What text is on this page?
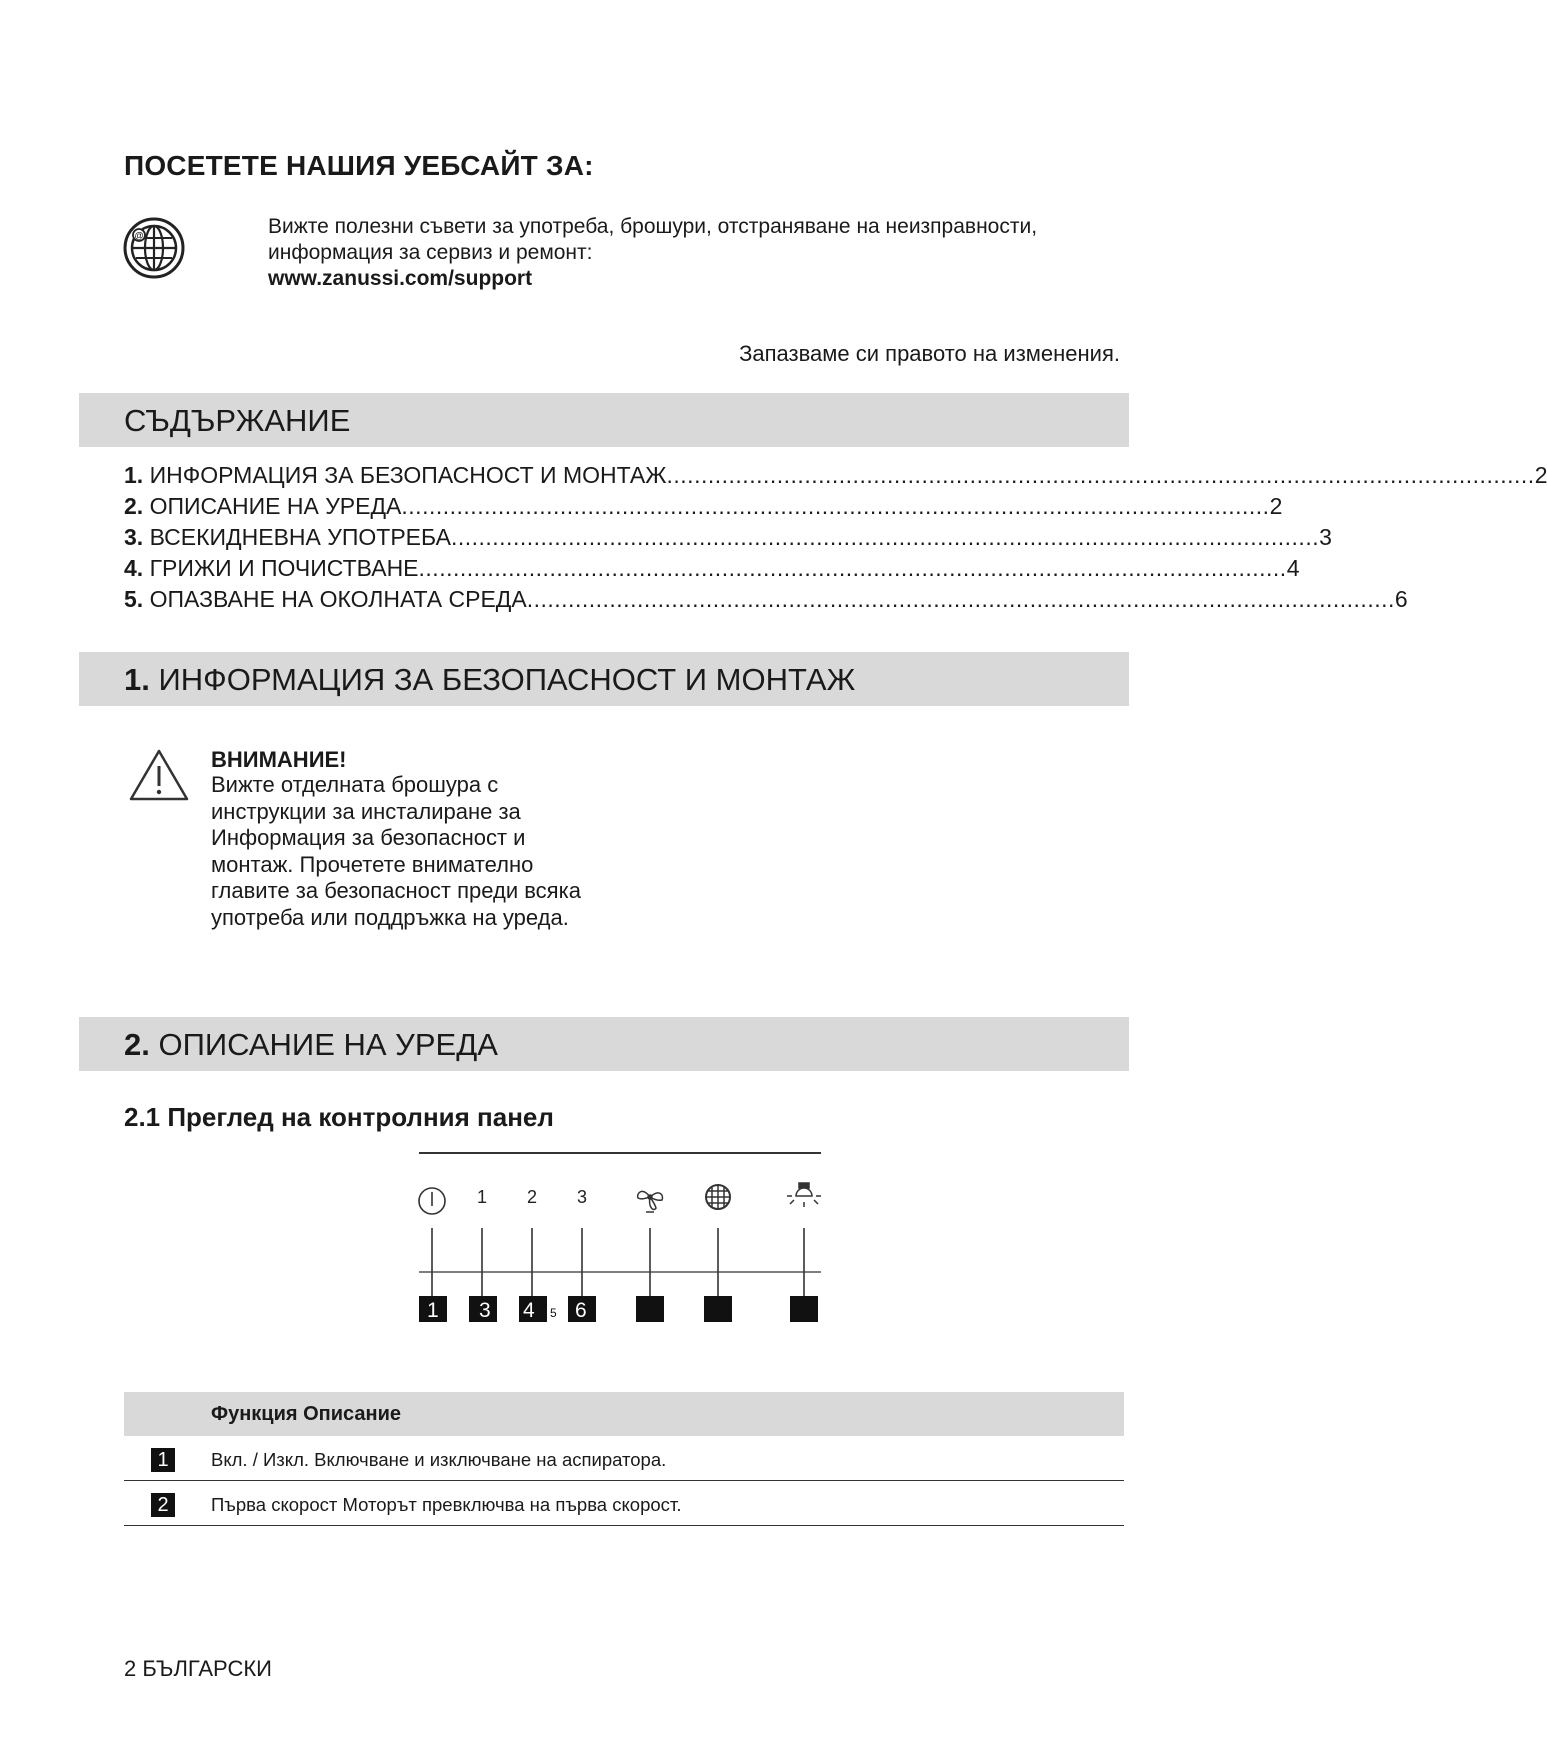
ПОСЕТЕТЕ НАШИЯ УЕБСАЙТ ЗА:
@	Вижте полезни съвети за употреба, брошури, отстраняване на неизправности, информация за сервиз и ремонт:
www.zanussi.com/support
Запазваме си правото на изменения.
СЪДЪРЖАНИЕ
1.
ИНФОРМАЦИЯ ЗА БЕЗОПАСНОСТ И МОНТАЖ .............................................................................................................................. 2
2.
ОПИСАНИЕ НА УРЕДА .............................................................................................................................. 2
3.
ВСЕКИДНЕВНА УПОТРЕБА .............................................................................................................................. 3
4.
ГРИЖИ И ПОЧИСТВАНЕ .............................................................................................................................. 4
5.
ОПАЗВАНЕ НА ОКОЛНАТА СРЕДА .............................................................................................................................. 6
1. ИНФОРМАЦИЯ ЗА БЕЗОПАСНОСТ И МОНТАЖ
ВНИМАНИЕ!
Вижте отделната брошура с инструкции за инсталиране за Информация за безопасност и монтаж. Прочетете внимателно главите за безопасност преди всяка употреба или поддръжка на уреда.
2. ОПИСАНИЕ НА УРЕДА
2.1 Преглед на контролния панел
1 2 3
1 3 4 5 6
Функция Описание
1	Вкл. / Изкл. Включване и изключване на аспиратора.
2	Първа скорост Моторът превключва на първа скорост.
2 БЪЛГАРСКИ
